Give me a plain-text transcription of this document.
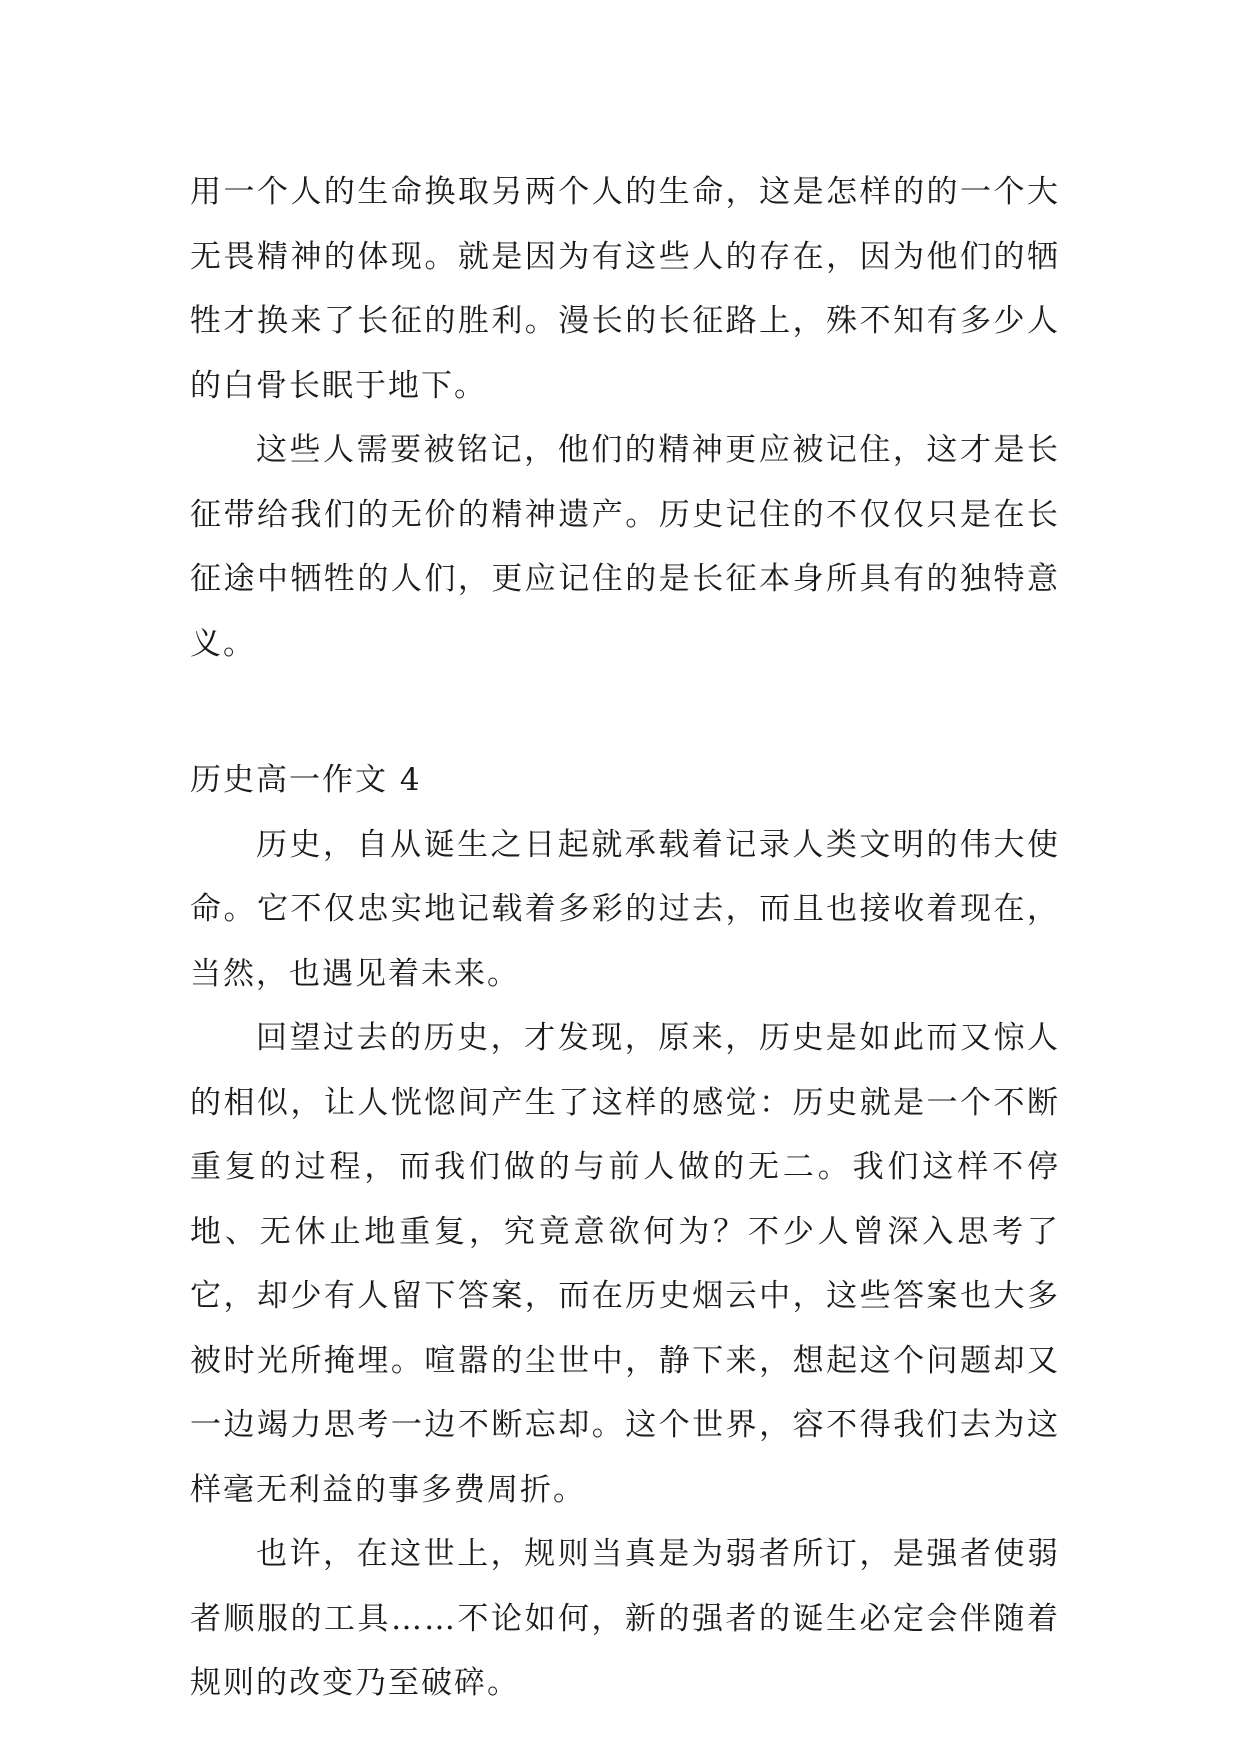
用一个人的生命换取另两个人的生命，这是怎样的的一个大无畏精神的体现。就是因为有这些人的存在，因为他们的牺牲才换来了长征的胜利。漫长的长征路上，殊不知有多少人的白骨长眠于地下。

这些人需要被铭记，他们的精神更应被记住，这才是长征带给我们的无价的精神遗产。历史记住的不仅仅只是在长征途中牺牲的人们，更应记住的是长征本身所具有的独特意义。

历史高一作文 4

历史，自从诞生之日起就承载着记录人类文明的伟大使命。它不仅忠实地记载着多彩的过去，而且也接收着现在，当然，也遇见着未来。

回望过去的历史，才发现，原来，历史是如此而又惊人的相似，让人恍惚间产生了这样的感觉：历史就是一个不断重复的过程，而我们做的与前人做的无二。我们这样不停地、无休止地重复，究竟意欲何为？不少人曾深入思考了它，却少有人留下答案，而在历史烟云中，这些答案也大多被时光所掩埋。喧嚣的尘世中，静下来，想起这个问题却又一边竭力思考一边不断忘却。这个世界，容不得我们去为这样毫无利益的事多费周折。

也许，在这世上，规则当真是为弱者所订，是强者使弱者顺服的工具……不论如何，新的强者的诞生必定会伴随着规则的改变乃至破碎。
